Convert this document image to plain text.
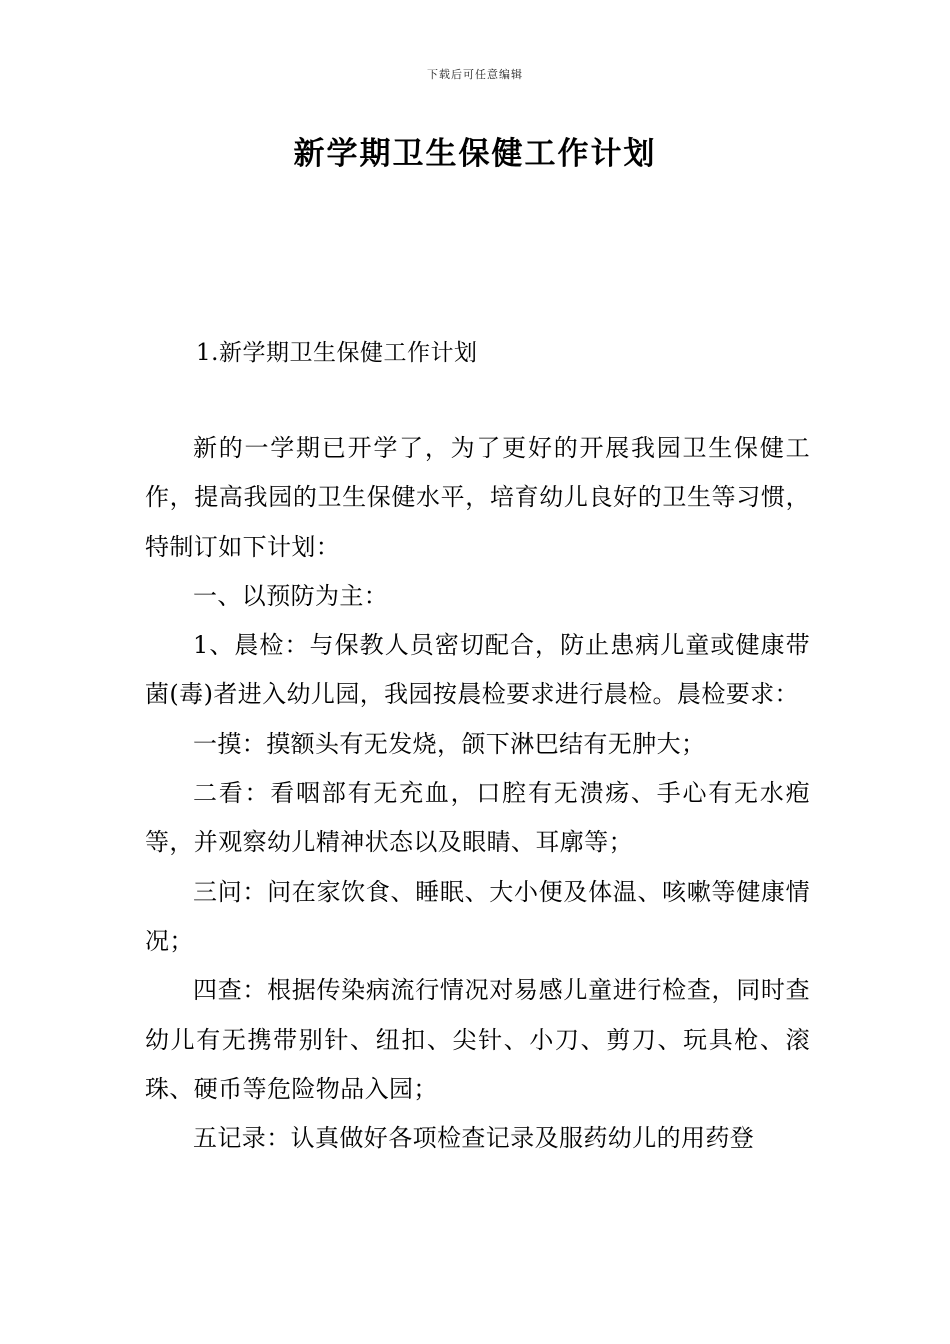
下载后可任意编辑
新学期卫生保健工作计划
1.新学期卫生保健工作计划

新的一学期已开学了，为了更好的开展我园卫生保健工作，提高我园的卫生保健水平，培育幼儿良好的卫生等习惯，特制订如下计划：

一、以预防为主：

1、晨检：与保教人员密切配合，防止患病儿童或健康带菌(毒)者进入幼儿园，我园按晨检要求进行晨检。晨检要求：

一摸：摸额头有无发烧，颌下淋巴结有无肿大；

二看：看咽部有无充血，口腔有无溃疡、手心有无水疱等，并观察幼儿精神状态以及眼睛、耳廓等；

三问：问在家饮食、睡眠、大小便及体温、咳嗽等健康情况；

四查：根据传染病流行情况对易感儿童进行检查，同时查幼儿有无携带别针、纽扣、尖针、小刀、剪刀、玩具枪、滚珠、硬币等危险物品入园；

五记录：认真做好各项检查记录及服药幼儿的用药登
